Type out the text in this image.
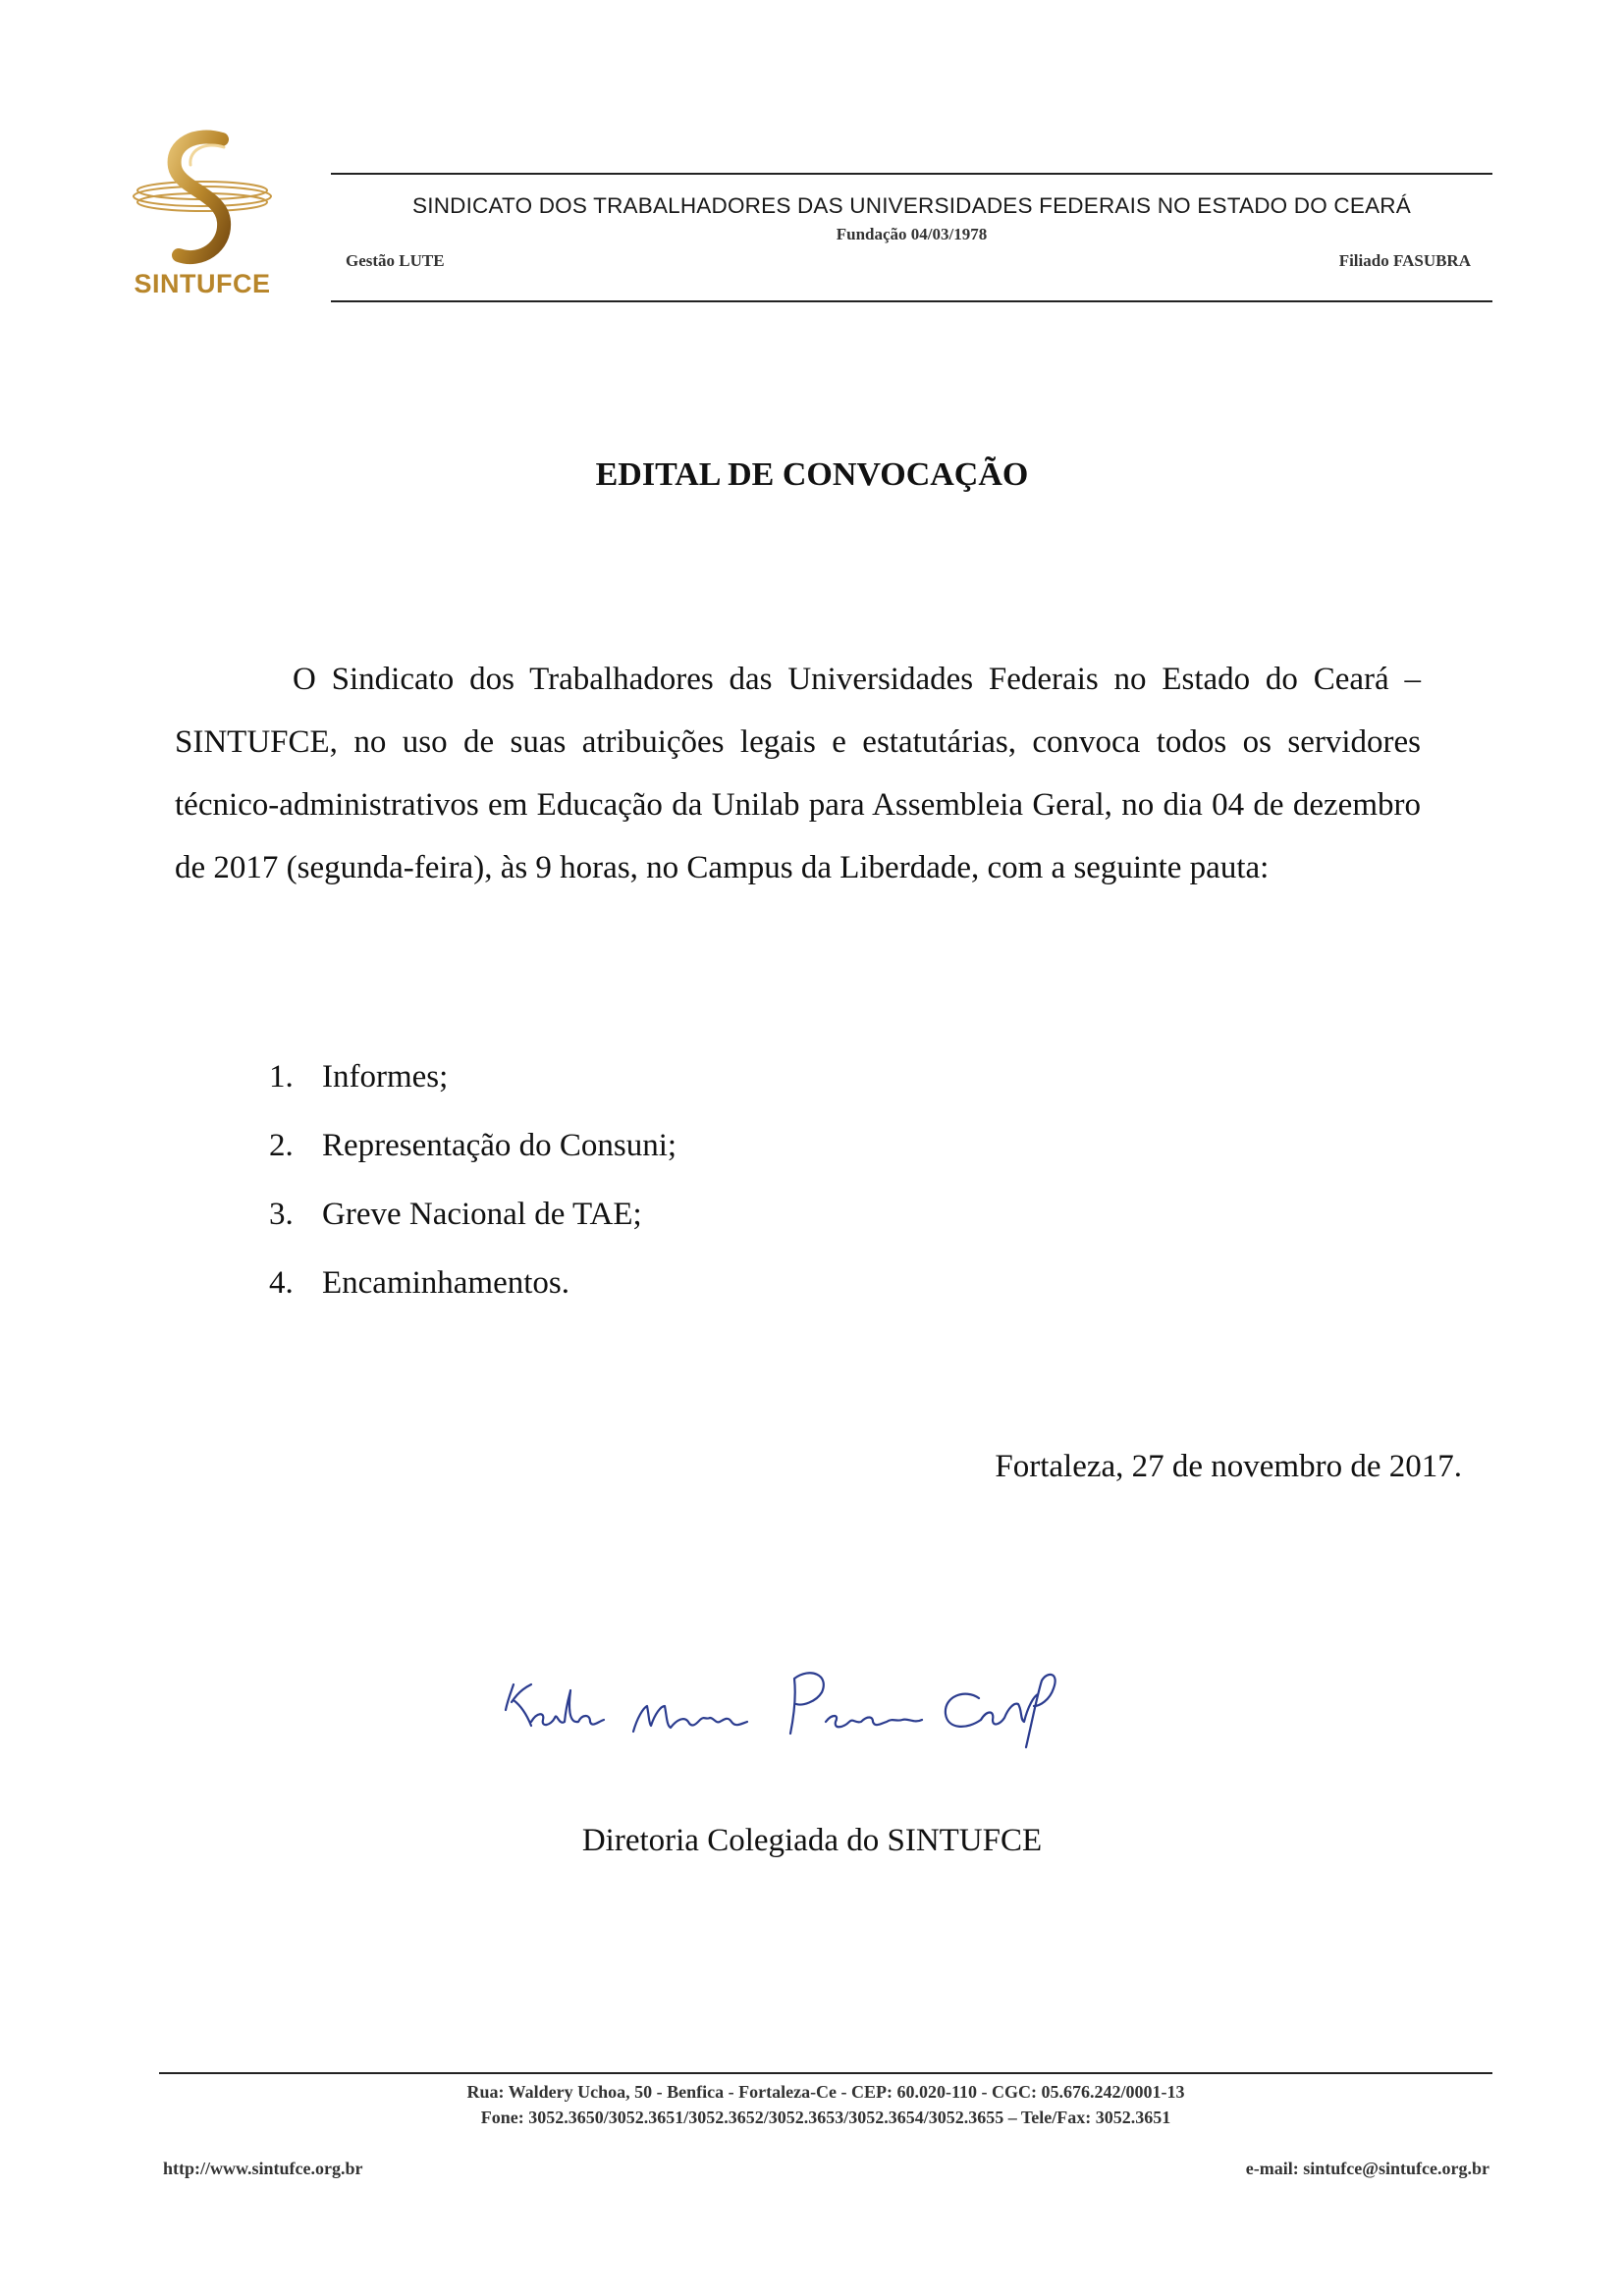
SINTUFCE
SINDICATO DOS TRABALHADORES DAS UNIVERSIDADES FEDERAIS NO ESTADO DO CEARÁ
Fundação 04/03/1978
Gestão LUTE	Filiado FASUBRA
EDITAL DE CONVOCAÇÃO

O Sindicato dos Trabalhadores das Universidades Federais no Estado do Ceará – SINTUFCE, no uso de suas atribuições legais e estatutárias, convoca todos os servidores técnico-administrativos em Educação da Unilab para Assembleia Geral, no dia 04 de dezembro de 2017 (segunda-feira), às 9 horas, no Campus da Liberdade, com a seguinte pauta:

1. Informes;
2. Representação do Consuni;
3. Greve Nacional de TAE;
4. Encaminhamentos.
Fortaleza, 27 de novembro de 2017.
Diretoria Colegiada do SINTUFCE
Rua: Waldery Uchoa, 50 - Benfica - Fortaleza-Ce - CEP: 60.020-110 - CGC: 05.676.242/0001-13
Fone: 3052.3650/3052.3651/3052.3652/3052.3653/3052.3654/3052.3655 – Tele/Fax: 3052.3651
http://www.sintufce.org.br	e-mail: sintufce@sintufce.org.br
